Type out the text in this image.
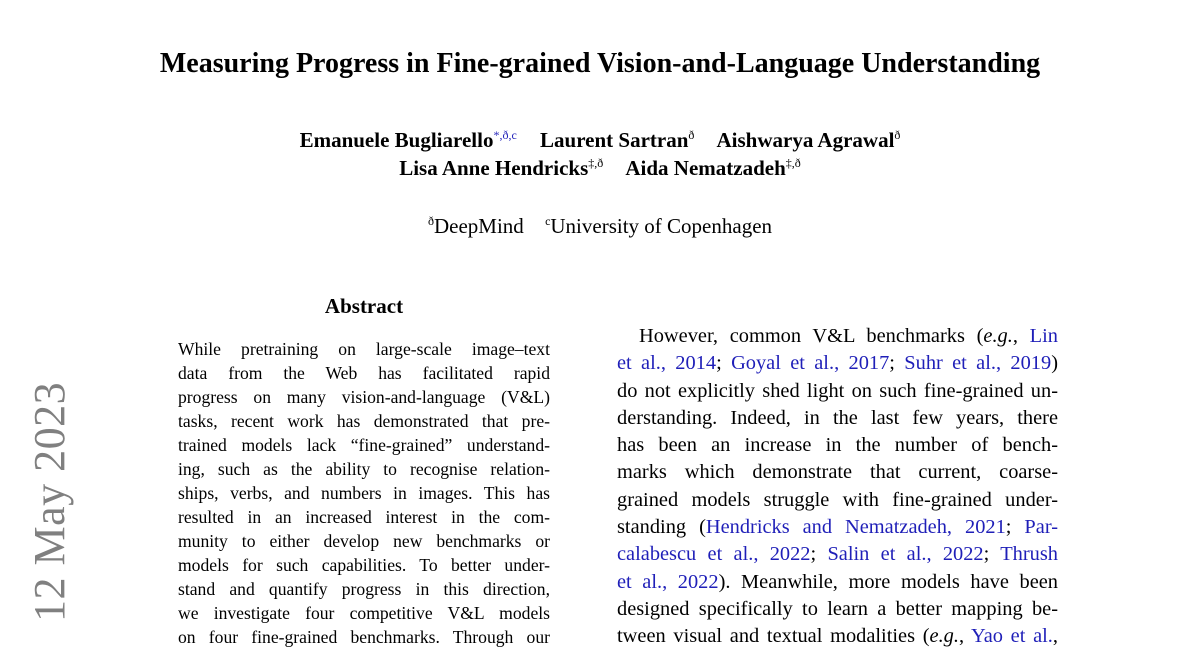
12 May 2023
Measuring Progress in Fine-grained Vision-and-Language Understanding
Emanuele Bugliarello$^{*,ð,c}$ Laurent Sartran$^ð$ Aishwarya Agrawal$^ð$
Lisa Anne Hendricks$^{\ddagger,ð}$ Aida Nematzadeh$^{\ddagger,ð}$
$^ð$DeepMind $^c$University of Copenhagen
Abstract
While pretraining on large-scale image–text
data from the Web has facilitated rapid
progress on many vision-and-language (V&L)
tasks, recent work has demonstrated that pre-
trained models lack “fine-grained” understand-
ing, such as the ability to recognise relation-
ships, verbs, and numbers in images. This has
resulted in an increased interest in the com-
munity to either develop new benchmarks or
models for such capabilities. To better under-
stand and quantify progress in this direction,
we investigate four competitive V&L models
on four fine-grained benchmarks. Through our
However, common V&L benchmarks (e.g., Lin
et al., 2014; Goyal et al., 2017; Suhr et al., 2019)
do not explicitly shed light on such fine-grained un-
derstanding. Indeed, in the last few years, there
has been an increase in the number of bench-
marks which demonstrate that current, coarse-
grained models struggle with fine-grained under-
standing (Hendricks and Nematzadeh, 2021; Par-
calabescu et al., 2022; Salin et al., 2022; Thrush
et al., 2022). Meanwhile, more models have been
designed specifically to learn a better mapping be-
tween visual and textual modalities (e.g., Yao et al.,
